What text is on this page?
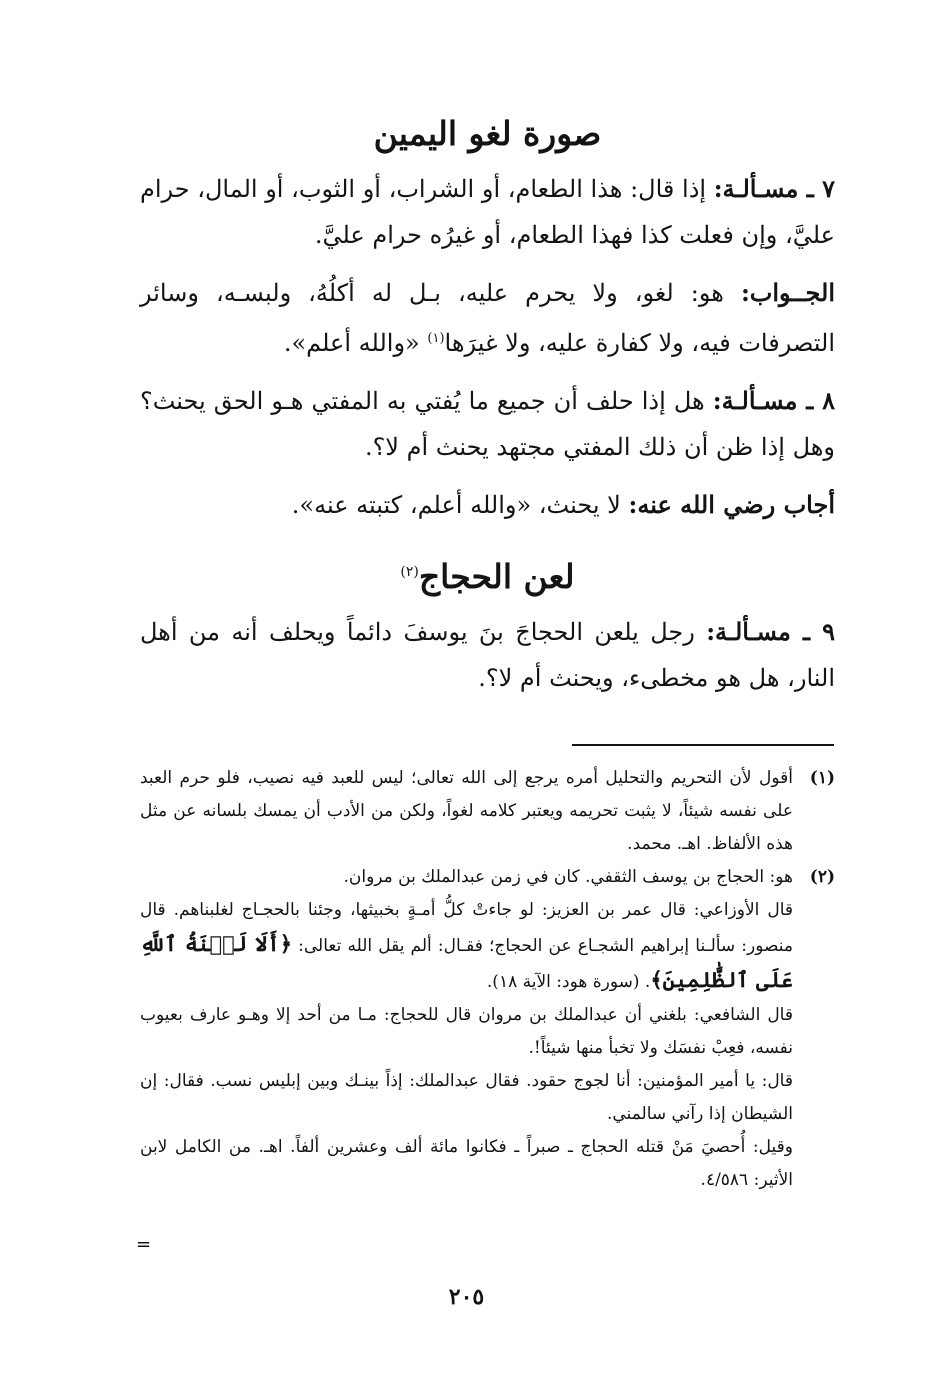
صورة لغو اليمين

٧ ـ مسـألـة: إذا قال: هذا الطعام، أو الشراب، أو الثوب، أو المال، حرام عليَّ، وإن فعلت كذا فهذا الطعام، أو غيرُه حرام عليَّ.

الجــواب: هو: لغو، ولا يحرم عليه، بـل له أكلُهُ، ولبسـه، وسائر التصرفات فيه، ولا كفارة عليه، ولا غيرَها$^{(١)}$ «والله أعلم».

٨ ـ مسـألـة: هل إذا حلف أن جميع ما يُفتي به المفتي هـو الحق يحنث؟ وهل إذا ظن أن ذلك المفتي مجتهد يحنث أم لا؟.

أجاب رضي الله عنه: لا يحنث، «والله أعلم، كتبته عنه».

لعن الحجاج$^{(٢)}$

٩ ـ مسـألـة: رجل يلعن الحجاجَ بنَ يوسفَ دائماً ويحلف أنه من أهل النار، هل هو مخطىء، ويحنث أم لا؟.

(١)

أقول لأن التحريم والتحليل أمره يرجع إلى الله تعالى؛ ليس للعبد فيه نصيب، فلو حرم العبد على نفسه شيئاً، لا يثبت تحريمه ويعتبر كلامه لغواً، ولكن من الأدب أن يمسك بلسانه عن مثل هذه الألفاظ. اهـ. محمد.

(٢)

هو: الحجاج بن يوسف الثقفي. كان في زمن عبدالملك بن مروان.

قال الأوزاعي: قال عمر بن العزيز: لو جاءتْ كلُّ أمـةٍ بخبيثها، وجئنا بالحجـاج لغلبناهم. قال منصور: سألـنا إبراهيم الشجـاع عن الحجاج؛ فقـال: ألم يقل الله تعالى: ﴿أَلَا لَعۡنَةُ ٱللَّهِ عَلَى ٱلظَّٰلِمِينَ﴾. (سورة هود: الآية ١٨).

قال الشافعي: بلغني أن عبدالملك بن مروان قال للحجاج: مـا من أحد إلا وهـو عارف بعيوب نفسه، فعِبْ نفسَك ولا تخبأ منها شيئاً!.

قال: يا أمير المؤمنين: أنا لجوج حقود. فقال عبدالملك: إذاً بينـك وبين إبليس نسب. فقال: إن الشيطان إذا رآني سالمني.

وقيل: أُحصيَ مَنْ قتله الحجاج ـ صبراً ـ فكانوا مائة ألف وعشرين ألفاً. اهـ. من الكامل لابن الأثير: ٤/٥٨٦.

=
٢٠٥
